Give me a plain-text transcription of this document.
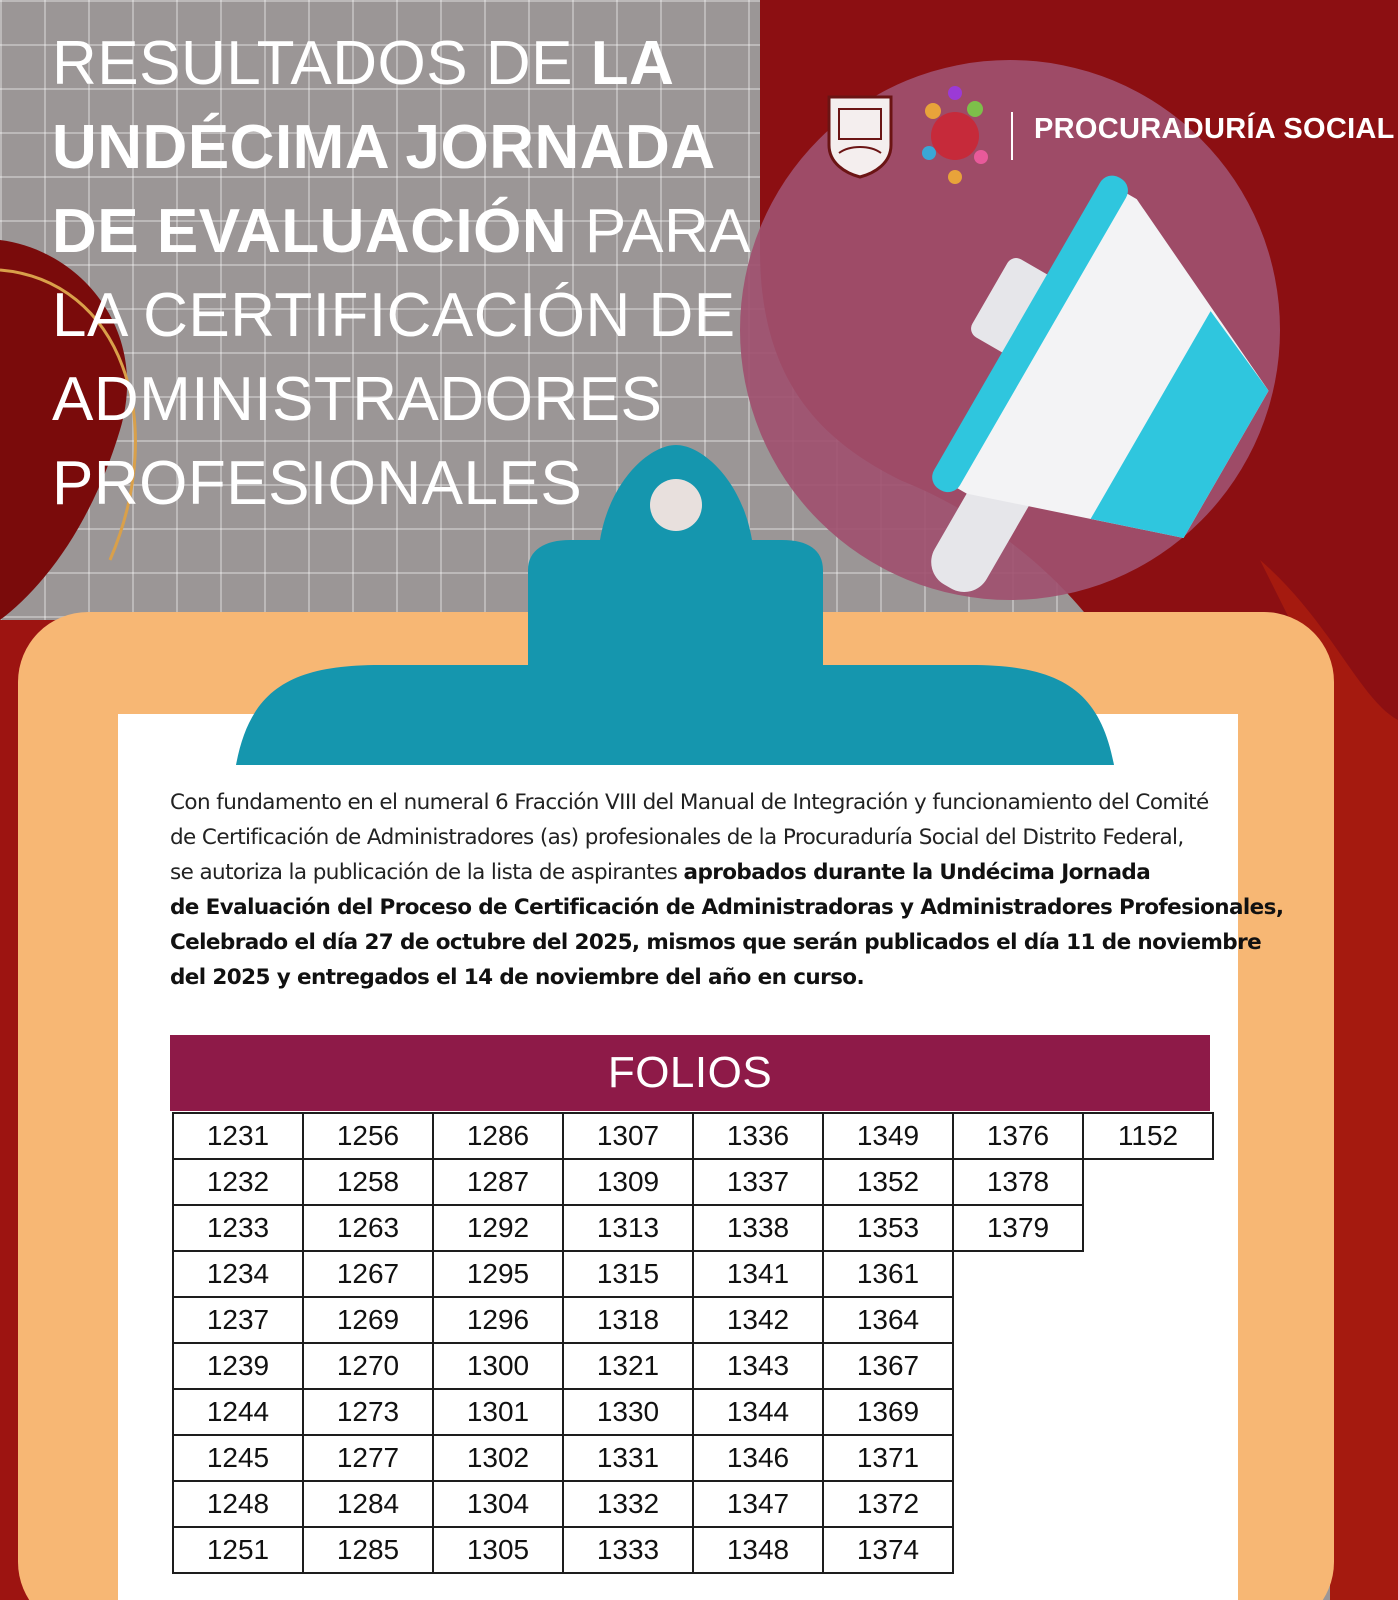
RESULTADOS DE LA
UNDÉCIMA JORNADA
DE EVALUACIÓN PARA
LA CERTIFICACIÓN DE
ADMINISTRADORES
PROFESIONALES
PROCURADURÍA SOCIAL

Con fundamento en el numeral 6 Fracción VIII del Manual de Integración y funcionamiento del Comité

de Certificación de Administradores (as) profesionales de la Procuraduría Social del Distrito Federal,

se autoriza la publicación de la lista de aspirantes aprobados durante la Undécima Jornada

de Evaluación del Proceso de Certificación de Administradoras y Administradores Profesionales,

Celebrado el día 27 de octubre del 2025, mismos que serán publicados el día 11 de noviembre

del 2025 y entregados el 14 de noviembre del año en curso.

FOLIOS
1231	1256	1286	1307	1336	1349	1376	1152
1232	1258	1287	1309	1337	1352	1378	
1233	1263	1292	1313	1338	1353	1379	
1234	1267	1295	1315	1341	1361		
1237	1269	1296	1318	1342	1364		
1239	1270	1300	1321	1343	1367		
1244	1273	1301	1330	1344	1369		
1245	1277	1302	1331	1346	1371		
1248	1284	1304	1332	1347	1372		
1251	1285	1305	1333	1348	1374		
